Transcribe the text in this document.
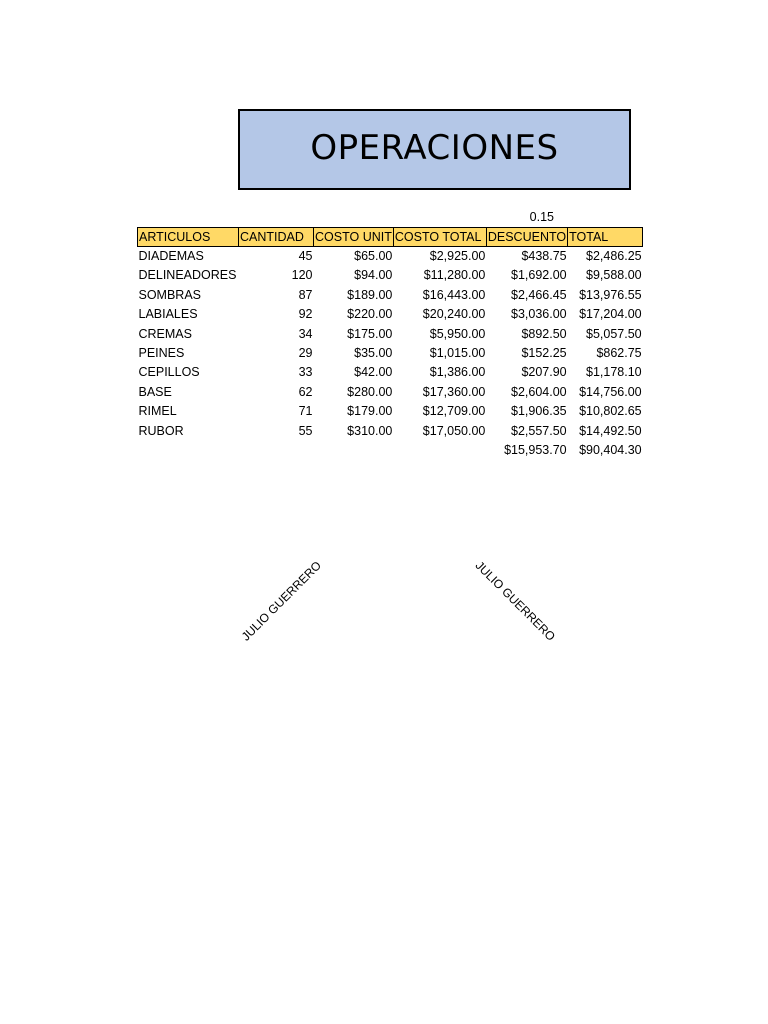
OPERACIONES
0.15
ARTICULOS	CANTIDAD	COSTO UNIT	COSTO TOTAL	DESCUENTO	TOTAL
DIADEMAS	45	$65.00	$2,925.00	$438.75	$2,486.25
DELINEADORES	120	$94.00	$11,280.00	$1,692.00	$9,588.00
SOMBRAS	87	$189.00	$16,443.00	$2,466.45	$13,976.55
LABIALES	92	$220.00	$20,240.00	$3,036.00	$17,204.00
CREMAS	34	$175.00	$5,950.00	$892.50	$5,057.50
PEINES	29	$35.00	$1,015.00	$152.25	$862.75
CEPILLOS	33	$42.00	$1,386.00	$207.90	$1,178.10
BASE	62	$280.00	$17,360.00	$2,604.00	$14,756.00
RIMEL	71	$179.00	$12,709.00	$1,906.35	$10,802.65
RUBOR	55	$310.00	$17,050.00	$2,557.50	$14,492.50
				$15,953.70	$90,404.30
JULIO GUERRERO	JULIO GUERRERO
